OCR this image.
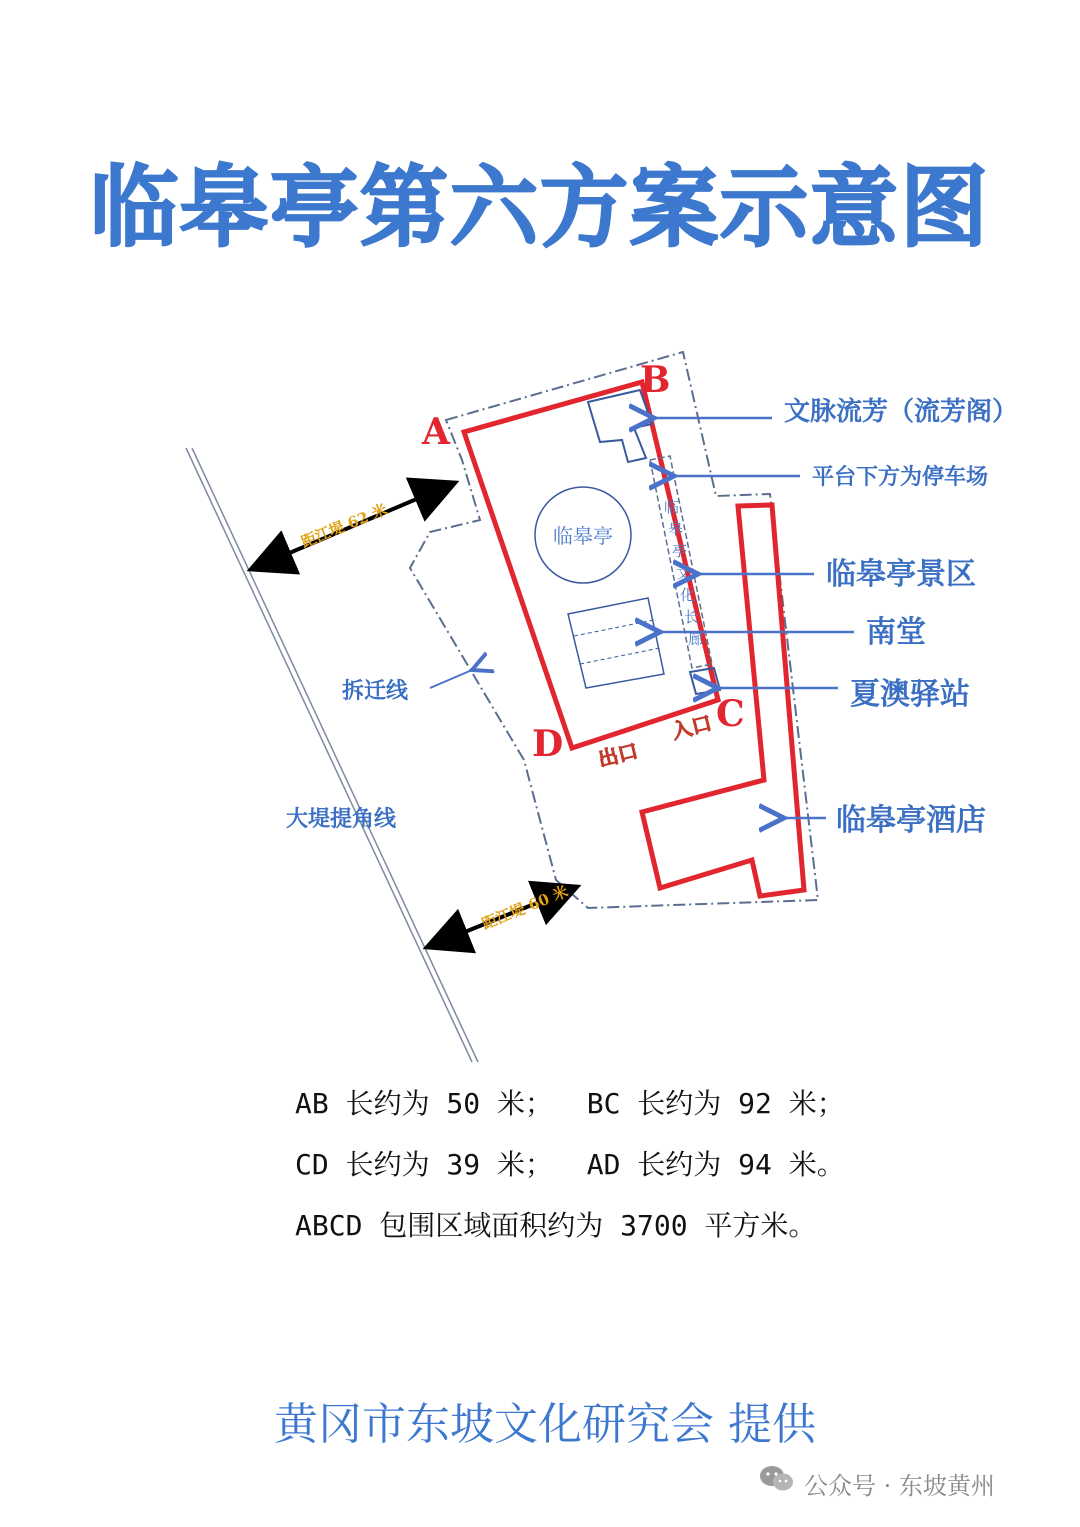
临皋亭第六方案示意图
临皋亭
临
皋
亭
文
化
长
廊
A
B
C
D 出口
入口
拆迁线
大堤提角线
距江堤 62 米
距江堤 60 米
文脉流芳（流芳阁）
平台下方为停车场
临皋亭景区
南堂
夏澳驿站
临皋亭酒店
AB 长约为 50 米；  BC 长约为 92 米；
CD 长约为 39 米；  AD 长约为 94 米。
ABCD 包围区域面积约为 3700 平方米。
黄冈市东坡文化研究会 提供
公众号 · 东坡黄州
